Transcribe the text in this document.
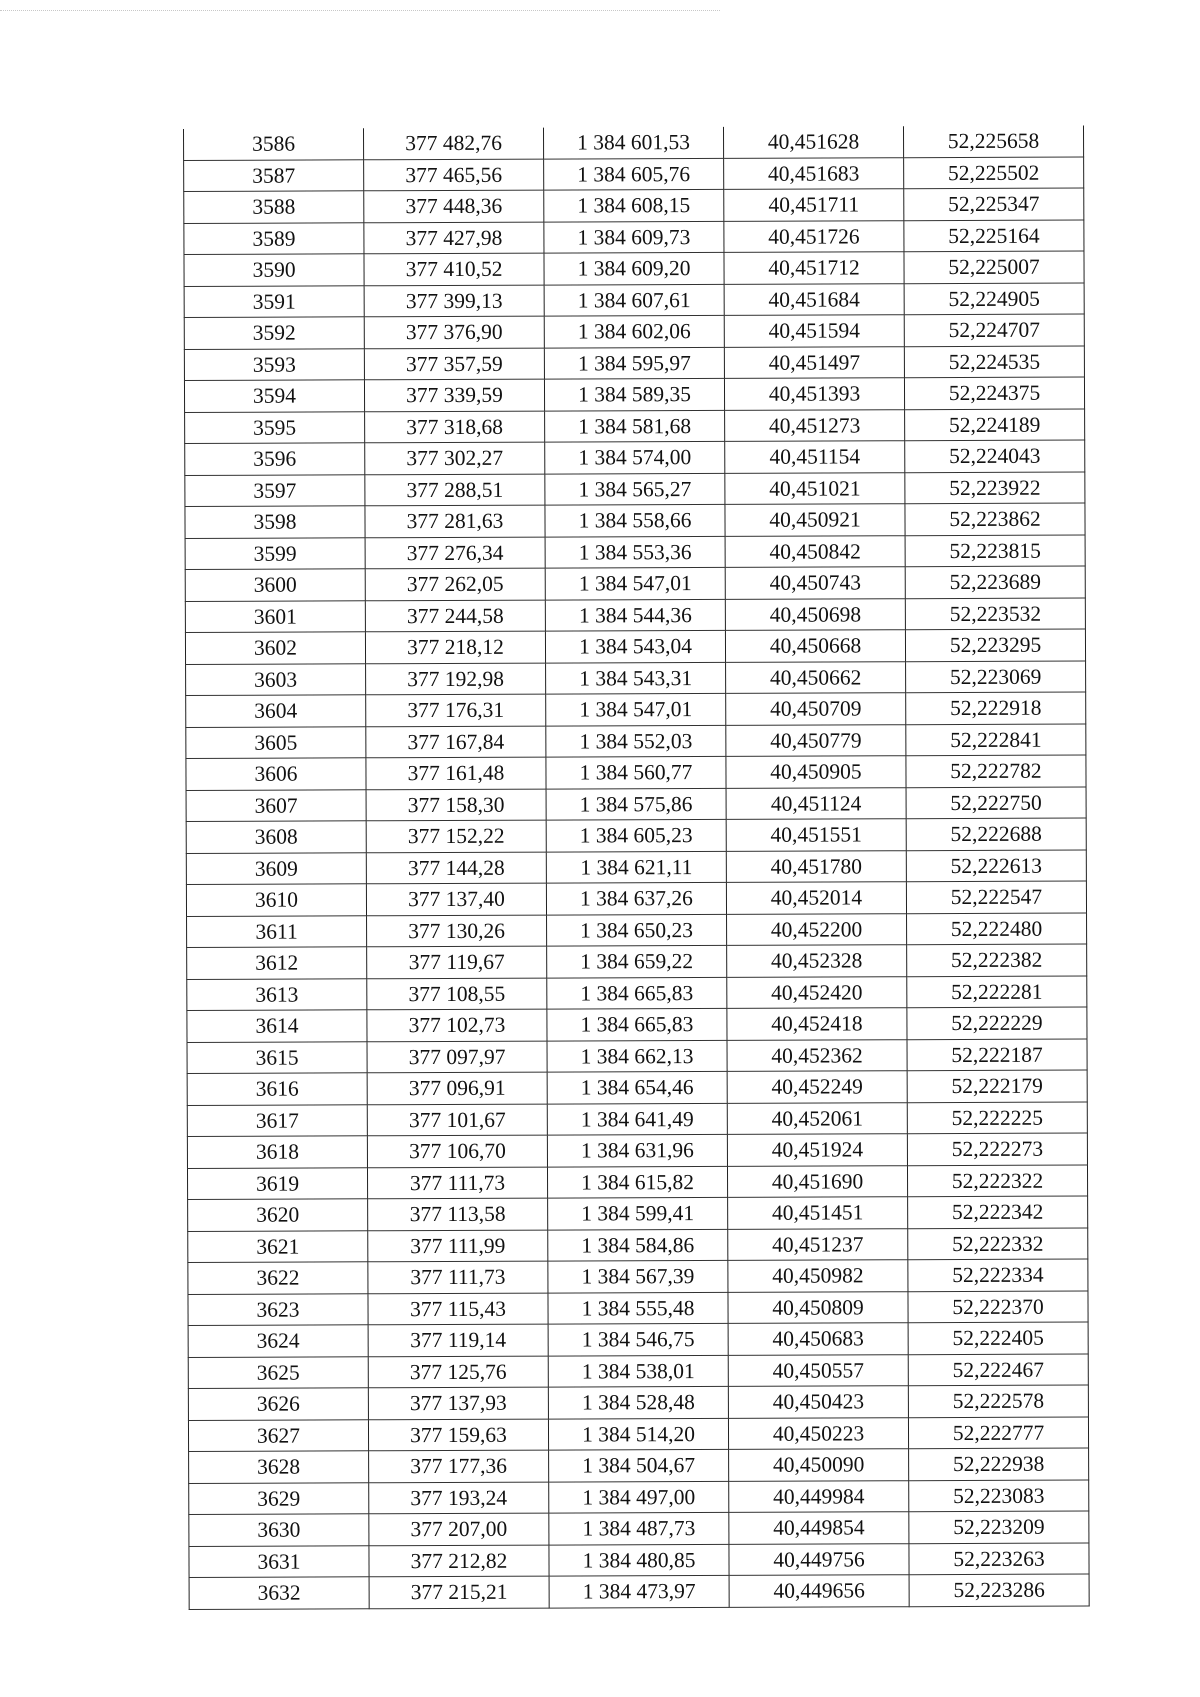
3586	377 482,76	1 384 601,53	40,451628	52,225658
3587	377 465,56	1 384 605,76	40,451683	52,225502
3588	377 448,36	1 384 608,15	40,451711	52,225347
3589	377 427,98	1 384 609,73	40,451726	52,225164
3590	377 410,52	1 384 609,20	40,451712	52,225007
3591	377 399,13	1 384 607,61	40,451684	52,224905
3592	377 376,90	1 384 602,06	40,451594	52,224707
3593	377 357,59	1 384 595,97	40,451497	52,224535
3594	377 339,59	1 384 589,35	40,451393	52,224375
3595	377 318,68	1 384 581,68	40,451273	52,224189
3596	377 302,27	1 384 574,00	40,451154	52,224043
3597	377 288,51	1 384 565,27	40,451021	52,223922
3598	377 281,63	1 384 558,66	40,450921	52,223862
3599	377 276,34	1 384 553,36	40,450842	52,223815
3600	377 262,05	1 384 547,01	40,450743	52,223689
3601	377 244,58	1 384 544,36	40,450698	52,223532
3602	377 218,12	1 384 543,04	40,450668	52,223295
3603	377 192,98	1 384 543,31	40,450662	52,223069
3604	377 176,31	1 384 547,01	40,450709	52,222918
3605	377 167,84	1 384 552,03	40,450779	52,222841
3606	377 161,48	1 384 560,77	40,450905	52,222782
3607	377 158,30	1 384 575,86	40,451124	52,222750
3608	377 152,22	1 384 605,23	40,451551	52,222688
3609	377 144,28	1 384 621,11	40,451780	52,222613
3610	377 137,40	1 384 637,26	40,452014	52,222547
3611	377 130,26	1 384 650,23	40,452200	52,222480
3612	377 119,67	1 384 659,22	40,452328	52,222382
3613	377 108,55	1 384 665,83	40,452420	52,222281
3614	377 102,73	1 384 665,83	40,452418	52,222229
3615	377 097,97	1 384 662,13	40,452362	52,222187
3616	377 096,91	1 384 654,46	40,452249	52,222179
3617	377 101,67	1 384 641,49	40,452061	52,222225
3618	377 106,70	1 384 631,96	40,451924	52,222273
3619	377 111,73	1 384 615,82	40,451690	52,222322
3620	377 113,58	1 384 599,41	40,451451	52,222342
3621	377 111,99	1 384 584,86	40,451237	52,222332
3622	377 111,73	1 384 567,39	40,450982	52,222334
3623	377 115,43	1 384 555,48	40,450809	52,222370
3624	377 119,14	1 384 546,75	40,450683	52,222405
3625	377 125,76	1 384 538,01	40,450557	52,222467
3626	377 137,93	1 384 528,48	40,450423	52,222578
3627	377 159,63	1 384 514,20	40,450223	52,222777
3628	377 177,36	1 384 504,67	40,450090	52,222938
3629	377 193,24	1 384 497,00	40,449984	52,223083
3630	377 207,00	1 384 487,73	40,449854	52,223209
3631	377 212,82	1 384 480,85	40,449756	52,223263
3632	377 215,21	1 384 473,97	40,449656	52,223286
